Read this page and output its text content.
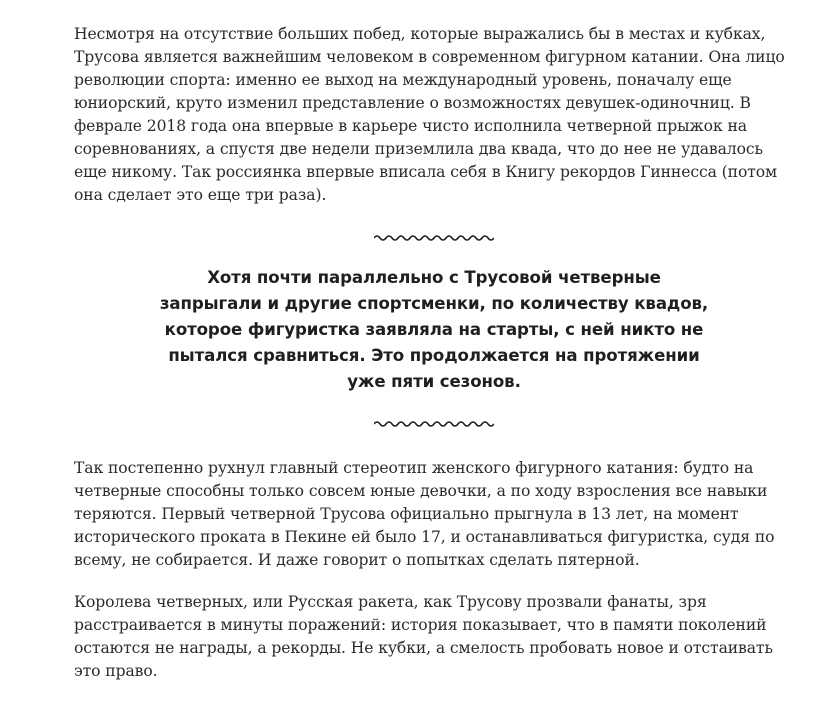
Несмотря на отсутствие больших побед, которые выражались бы в местах и кубках, Трусова является важнейшим человеком в современном фигурном катании. Она лицо революции спорта: именно ее выход на международный уровень, поначалу еще юниорский, круто изменил представление о возможностях девушек-одиночниц. В феврале 2018 года она впервые в карьере чисто исполнила четверной прыжок на соревнованиях, а спустя две недели приземлила два квада, что до нее не удавалось еще никому. Так россиянка впервые вписала себя в Книгу рекордов Гиннесса (потом она сделает это еще три раза).

Хотя почти параллельно с Трусовой четверные запрыгали и другие спортсменки, по количеству квадов, которое фигуристка заявляла на старты, с ней никто не пытался сравниться. Это продолжается на протяжении уже пяти сезонов.

Так постепенно рухнул главный стереотип женского фигурного катания: будто на четверные способны только совсем юные девочки, а по ходу взросления все навыки теряются. Первый четверной Трусова официально прыгнула в 13 лет, на момент исторического проката в Пекине ей было 17, и останавливаться фигуристка, судя по всему, не собирается. И даже говорит о попытках сделать пятерной.

Королева четверных, или Русская ракета, как Трусову прозвали фанаты, зря расстраивается в минуты поражений: история показывает, что в памяти поколений остаются не награды, а рекорды. Не кубки, а смелость пробовать новое и отстаивать это право.
